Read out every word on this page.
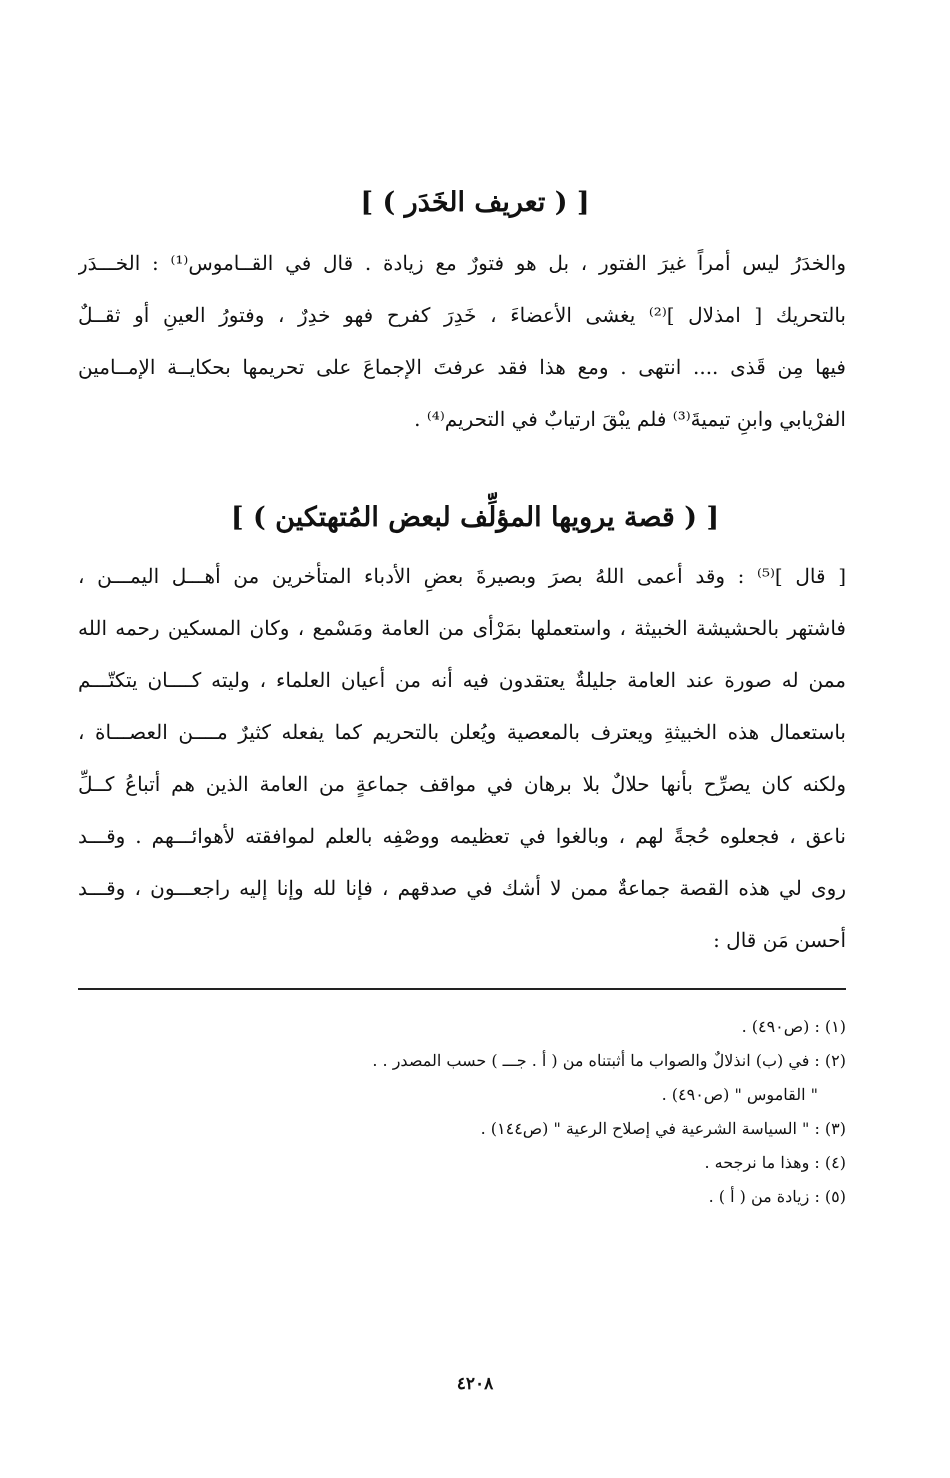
[ ( تعريف الخَدَر ) ]
والخدَرُ ليس أمراً غيرَ الفتور ، بل هو فتورٌ مع زيادة . قال في القــاموس⁽¹⁾ : الخـــدَر
بالتحريك [ امذلال ]⁽²⁾ يغشى الأعضاءَ ، خَدِرَ كفرح فهو خدِرٌ ، وفتورُ العينِ أو ثقــلٌ
فيها مِن قَذى .... انتهى . ومع هذا فقد عرفتَ الإجماعَ على تحريمها بحكايــة الإمــامين
الفرْيابي وابنِ تيميةَ⁽³⁾ فلم يبْقَ ارتيابٌ في التحريم⁽⁴⁾ .
[ ( قصة يرويها المؤلِّف لبعض المُتهتكين ) ]
[ قال ]⁽⁵⁾ : وقد أعمى اللهُ بصرَ وبصيرةَ بعضِ الأدباء المتأخرين من أهـــل اليمـــن ،
فاشتهر بالحشيشة الخبيثة ، واستعملها بمَرْأى من العامة ومَسْمع ، وكان المسكين رحمه الله
ممن له صورة عند العامة جليلةٌ يعتقدون فيه أنه من أعيان العلماء ، وليته كــــان يتكتّـــم
باستعمال هذه الخبيثةِ ويعترف بالمعصية ويُعلن بالتحريم كما يفعله كثيرٌ مــــن العصـــاة ،
ولكنه كان يصرِّح بأنها حلالٌ بلا برهان في مواقف جماعةٍ من العامة الذين هم أتباعُ كــلِّ
ناعق ، فجعلوه حُجةً لهم ، وبالغوا في تعظيمه ووصْفِه بالعلم لموافقته لأهوائـــهم . وقـــد
روى لي هذه القصة جماعةٌ ممن لا أشك في صدقهم ، فإنا لله وإنا إليه راجعـــون ، وقـــد
أحسن مَن قال :
(١) : (ص٤٩٠) .
(٢) : في (ب) انذلالٌ والصواب ما أثبتناه من ( أ . جـــ ) حسب المصدر . .
" القاموس " (ص٤٩٠) .
(٣) : " السياسة الشرعية في إصلاح الرعية " (ص١٤٤) .
(٤) : وهذا ما نرجحه .
(٥) : زيادة من ( أ ) .
٤٢٠٨
